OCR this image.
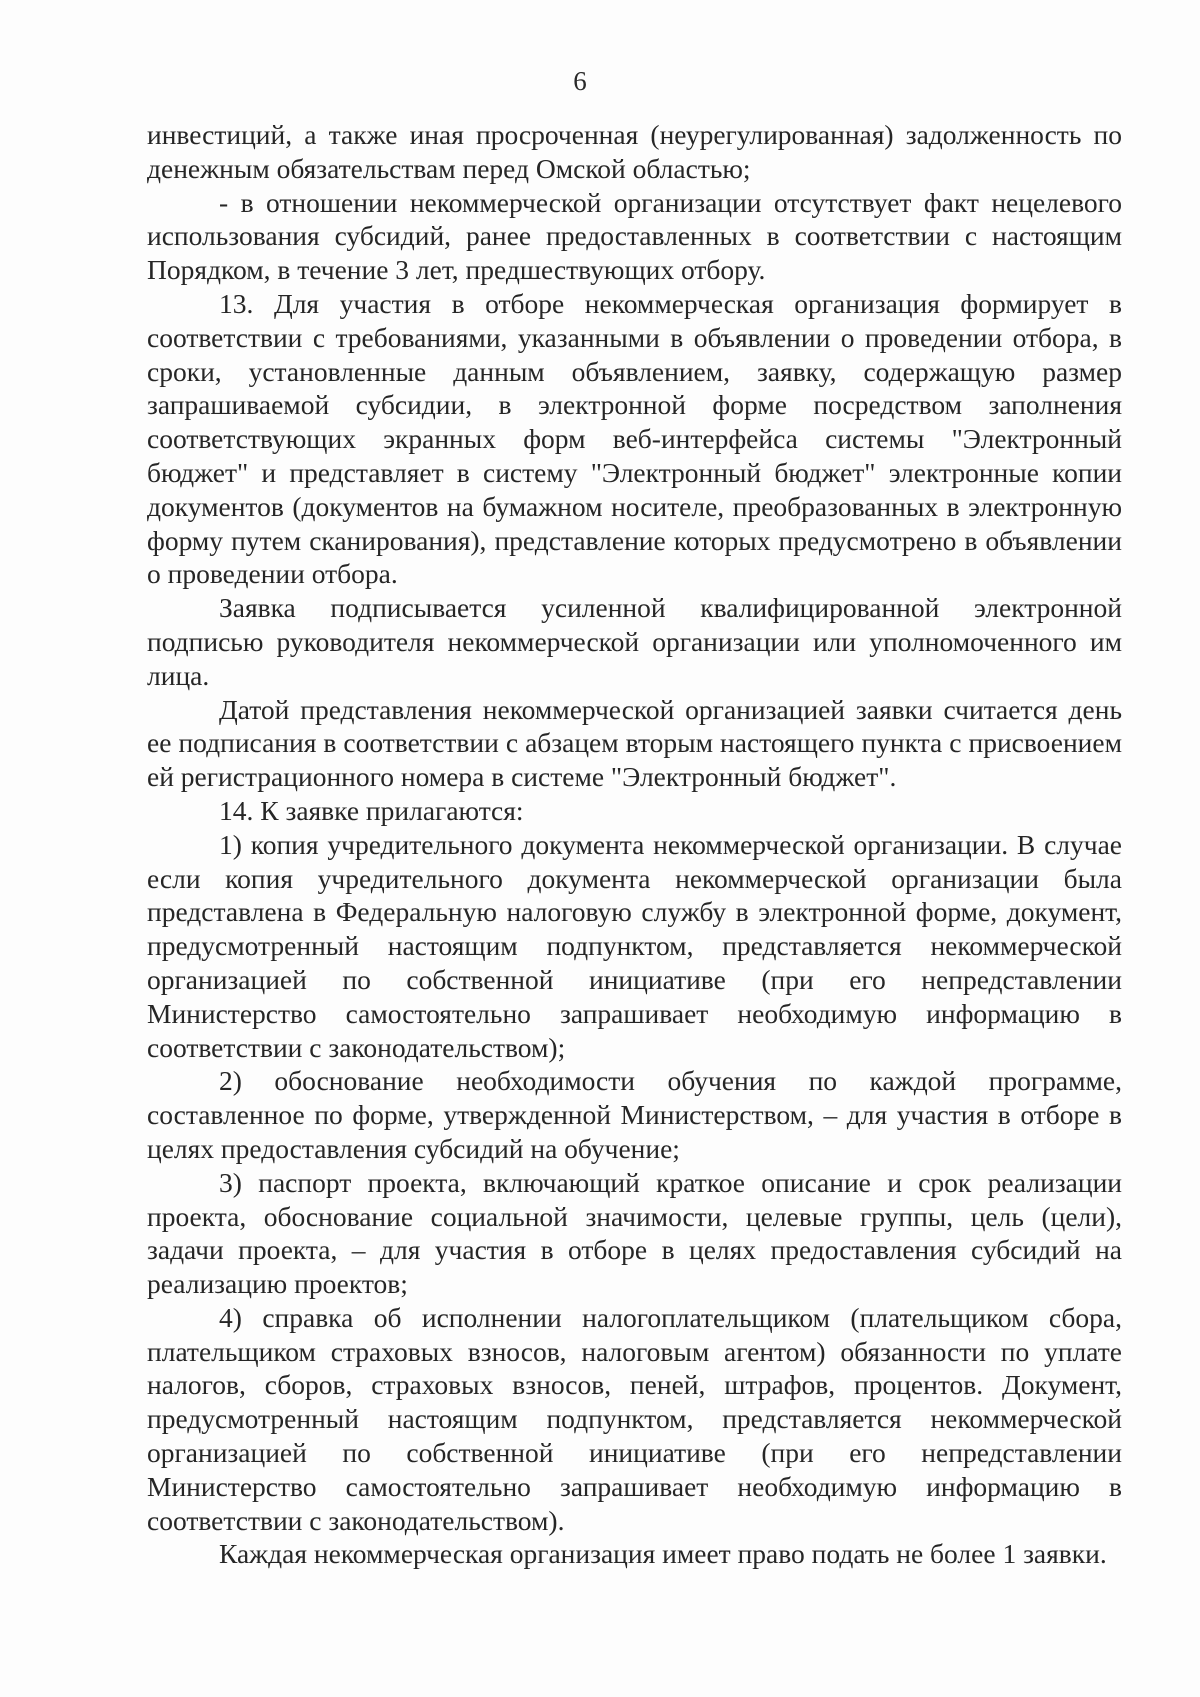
6

инвестиций, а также иная просроченная (неурегулированная) задолженность по денежным обязательствам перед Омской областью;

- в отношении некоммерческой организации отсутствует факт нецелевого использования субсидий, ранее предоставленных в соответствии с настоящим Порядком, в течение 3 лет, предшествующих отбору.

13. Для участия в отборе некоммерческая организация формирует в соответствии с требованиями, указанными в объявлении о проведении отбора, в сроки, установленные данным объявлением, заявку, содержащую размер запрашиваемой субсидии, в электронной форме посредством заполнения соответствующих экранных форм веб-интерфейса системы "Электронный бюджет" и представляет в систему "Электронный бюджет" электронные копии документов (документов на бумажном носителе, преобразованных в электронную форму путем сканирования), представление которых предусмотрено в объявлении о проведении отбора.

Заявка подписывается усиленной квалифицированной электронной подписью руководителя некоммерческой организации или уполномоченного им лица.

Датой представления некоммерческой организацией заявки считается день ее подписания в соответствии с абзацем вторым настоящего пункта с присвоением ей регистрационного номера в системе "Электронный бюджет".

14. К заявке прилагаются:

1) копия учредительного документа некоммерческой организации. В случае если копия учредительного документа некоммерческой организации была представлена в Федеральную налоговую службу в электронной форме, документ, предусмотренный настоящим подпунктом, представляется некоммерческой организацией по собственной инициативе (при его непредставлении Министерство самостоятельно запрашивает необходимую информацию в соответствии с законодательством);

2) обоснование необходимости обучения по каждой программе, составленное по форме, утвержденной Министерством, – для участия в отборе в целях предоставления субсидий на обучение;

3) паспорт проекта, включающий краткое описание и срок реализации проекта, обоснование социальной значимости, целевые группы, цель (цели), задачи проекта, – для участия в отборе в целях предоставления субсидий на реализацию проектов;

4) справка об исполнении налогоплательщиком (плательщиком сбора, плательщиком страховых взносов, налоговым агентом) обязанности по уплате налогов, сборов, страховых взносов, пеней, штрафов, процентов. Документ, предусмотренный настоящим подпунктом, представляется некоммерческой организацией по собственной инициативе (при его непредставлении Министерство самостоятельно запрашивает необходимую информацию в соответствии с законодательством).

Каждая некоммерческая организация имеет право подать не более 1 заявки.
